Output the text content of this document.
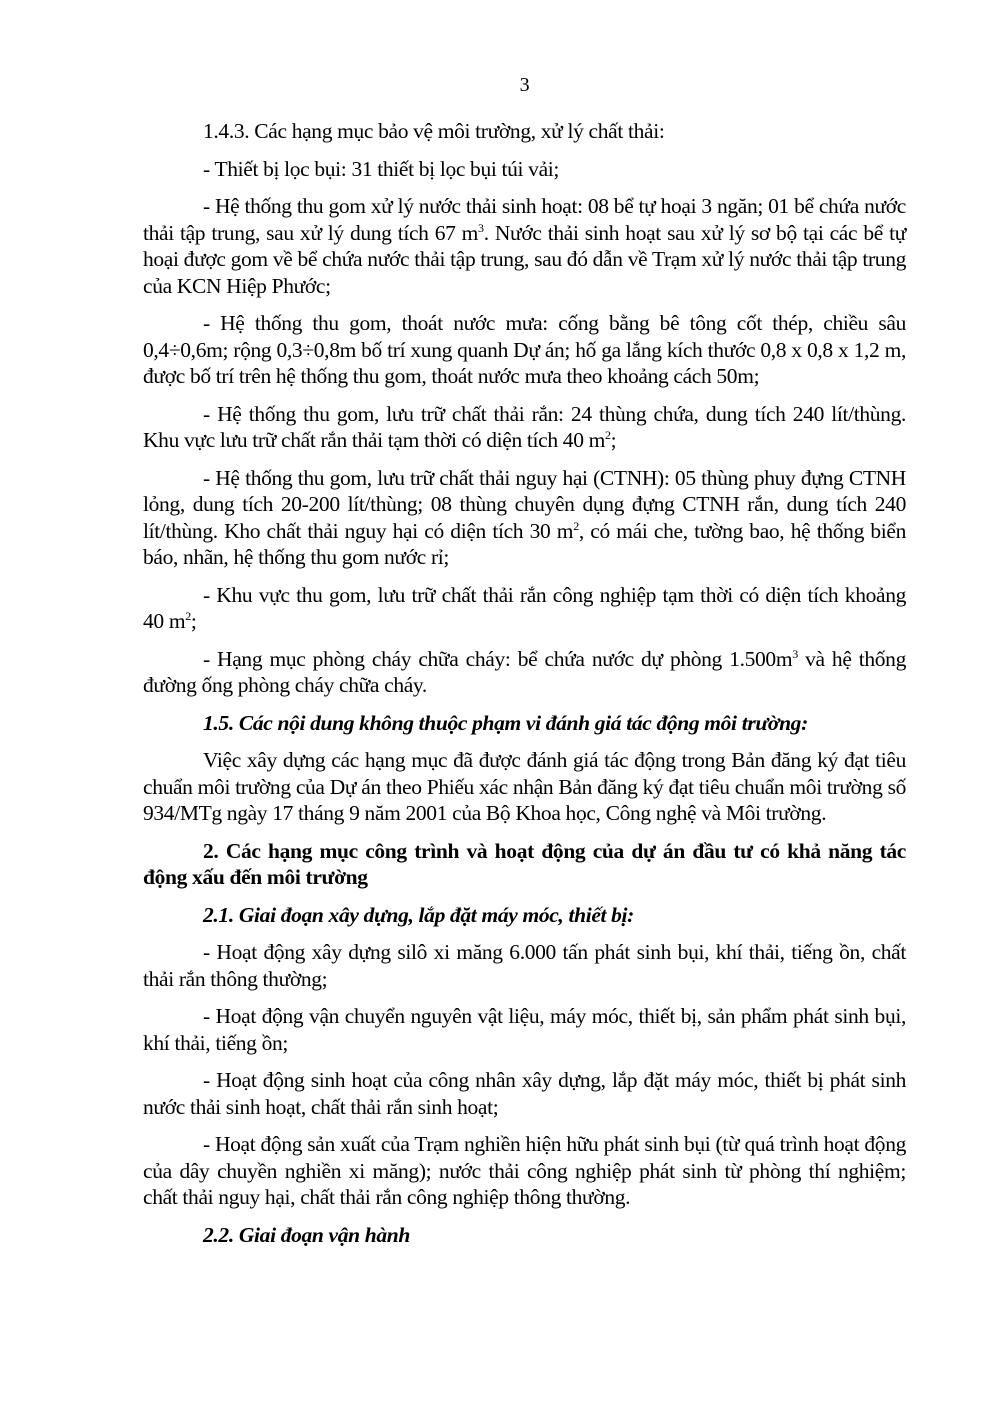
3

1.4.3. Các hạng mục bảo vệ môi trường, xử lý chất thải:

- Thiết bị lọc bụi: 31 thiết bị lọc bụi túi vải;

- Hệ thống thu gom xử lý nước thải sinh hoạt: 08 bể tự hoại 3 ngăn; 01 bể chứa nước thải tập trung, sau xử lý dung tích 67 $m^3$. Nước thải sinh hoạt sau xử lý sơ bộ tại các bể tự hoại được gom về bể chứa nước thải tập trung, sau đó dẫn về Trạm xử lý nước thải tập trung của KCN Hiệp Phước;

- Hệ thống thu gom, thoát nước mưa: cống bằng bê tông cốt thép, chiều sâu 0,4÷0,6m; rộng 0,3÷0,8m bố trí xung quanh Dự án; hố ga lắng kích thước 0,8 x 0,8 x 1,2 m, được bố trí trên hệ thống thu gom, thoát nước mưa theo khoảng cách 50m;

- Hệ thống thu gom, lưu trữ chất thải rắn: 24 thùng chứa, dung tích 240 lít/thùng. Khu vực lưu trữ chất rắn thải tạm thời có diện tích 40 $m^2$;

- Hệ thống thu gom, lưu trữ chất thải nguy hại (CTNH): 05 thùng phuy đựng CTNH lỏng, dung tích 20-200 lít/thùng; 08 thùng chuyên dụng đựng CTNH rắn, dung tích 240 lít/thùng. Kho chất thải nguy hại có diện tích 30 $m^2$, có mái che, tường bao, hệ thống biển báo, nhãn, hệ thống thu gom nước rỉ;

- Khu vực thu gom, lưu trữ chất thải rắn công nghiệp tạm thời có diện tích khoảng 40 $m^2$;

- Hạng mục phòng cháy chữa cháy: bể chứa nước dự phòng $1.500m^3$ và hệ thống đường ống phòng cháy chữa cháy.

1.5. Các nội dung không thuộc phạm vi đánh giá tác động môi trường:

Việc xây dựng các hạng mục đã được đánh giá tác động trong Bản đăng ký đạt tiêu chuẩn môi trường của Dự án theo Phiếu xác nhận Bản đăng ký đạt tiêu chuẩn môi trường số 934/MTg ngày 17 tháng 9 năm 2001 của Bộ Khoa học, Công nghệ và Môi trường.

2. Các hạng mục công trình và hoạt động của dự án đầu tư có khả năng tác động xấu đến môi trường

2.1. Giai đoạn xây dựng, lắp đặt máy móc, thiết bị:

- Hoạt động xây dựng silô xi măng 6.000 tấn phát sinh bụi, khí thải, tiếng ồn, chất thải rắn thông thường;

- Hoạt động vận chuyển nguyên vật liệu, máy móc, thiết bị, sản phẩm phát sinh bụi, khí thải, tiếng ồn;

- Hoạt động sinh hoạt của công nhân xây dựng, lắp đặt máy móc, thiết bị phát sinh nước thải sinh hoạt, chất thải rắn sinh hoạt;

- Hoạt động sản xuất của Trạm nghiền hiện hữu phát sinh bụi (từ quá trình hoạt động của dây chuyền nghiền xi măng); nước thải công nghiệp phát sinh từ phòng thí nghiệm; chất thải nguy hại, chất thải rắn công nghiệp thông thường.

2.2. Giai đoạn vận hành
